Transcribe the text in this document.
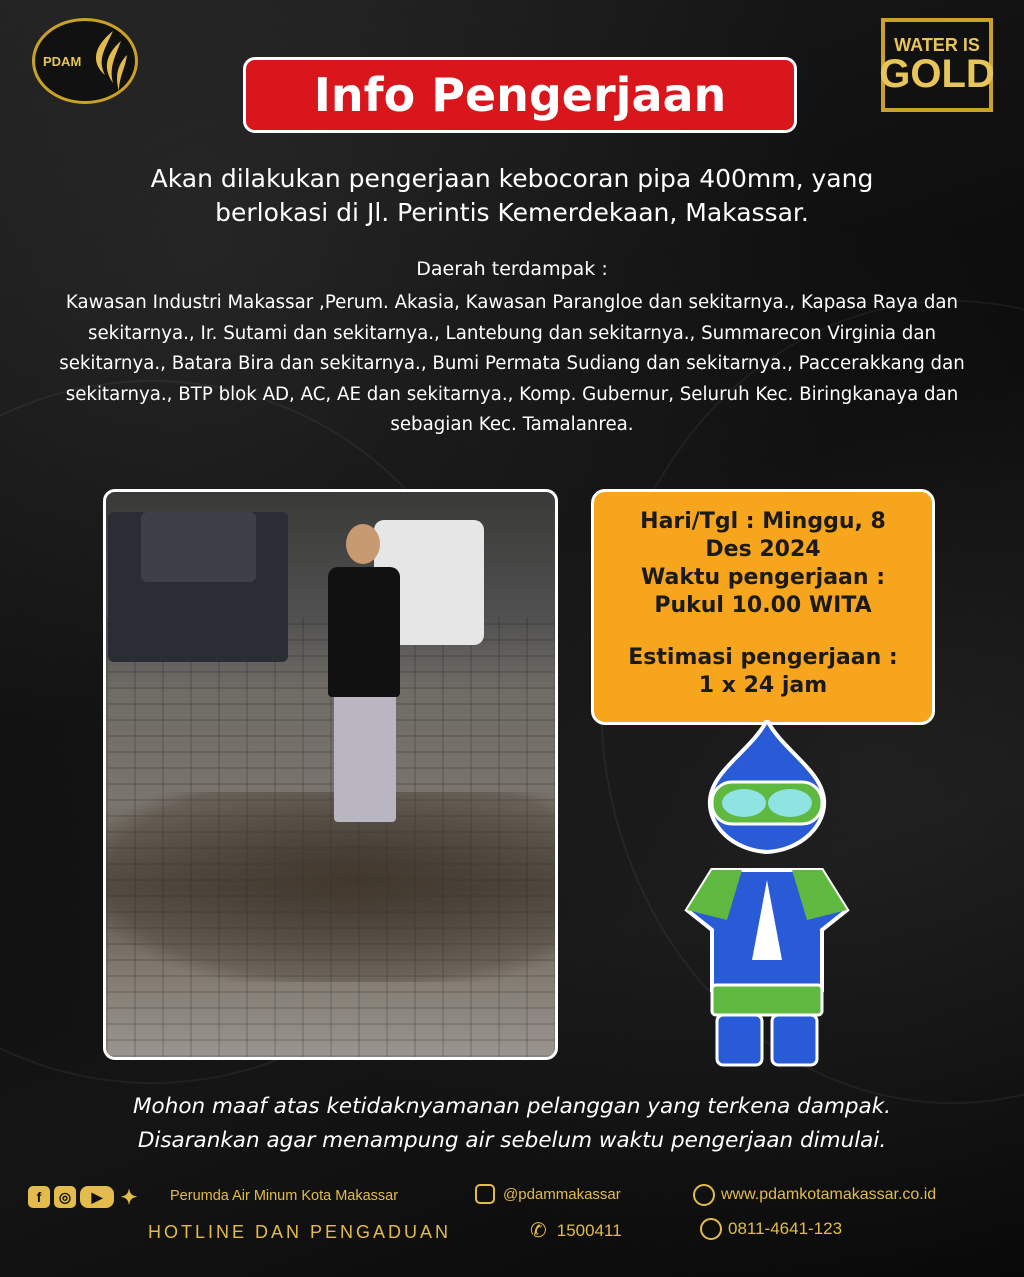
PDAM
WATER IS
GOLD
Info Pengerjaan
Akan dilakukan pengerjaan kebocoran pipa 400mm, yang
berlokasi di Jl. Perintis Kemerdekaan, Makassar.
Daerah terdampak :
Kawasan Industri Makassar ,Perum. Akasia, Kawasan Parangloe dan sekitarnya., Kapasa Raya dan sekitarnya., Ir. Sutami dan sekitarnya., Lantebung dan sekitarnya., Summarecon Virginia dan sekitarnya., Batara Bira dan sekitarnya., Bumi Permata Sudiang dan sekitarnya., Paccerakkang dan sekitarnya., BTP blok AD, AC, AE dan sekitarnya., Komp. Gubernur, Seluruh Kec. Biringkanaya dan sebagian Kec. Tamalanrea.

Hari/Tgl : Minggu, 8

Des 2024

Waktu pengerjaan :

Pukul 10.00 WITA

Estimasi pengerjaan :

1 x 24 jam

Mohon maaf atas ketidaknyamanan pelanggan yang terkena dampak.
Disarankan agar menampung air sebelum waktu pengerjaan dimulai.
f	◎	▶ ✦ Perumda Air Minum Kota Makassar	@pdammakassar	www.pdamkotamakassar.co.id
HOTLINE DAN PENGADUAN	✆ 1500411	0811-4641-123
